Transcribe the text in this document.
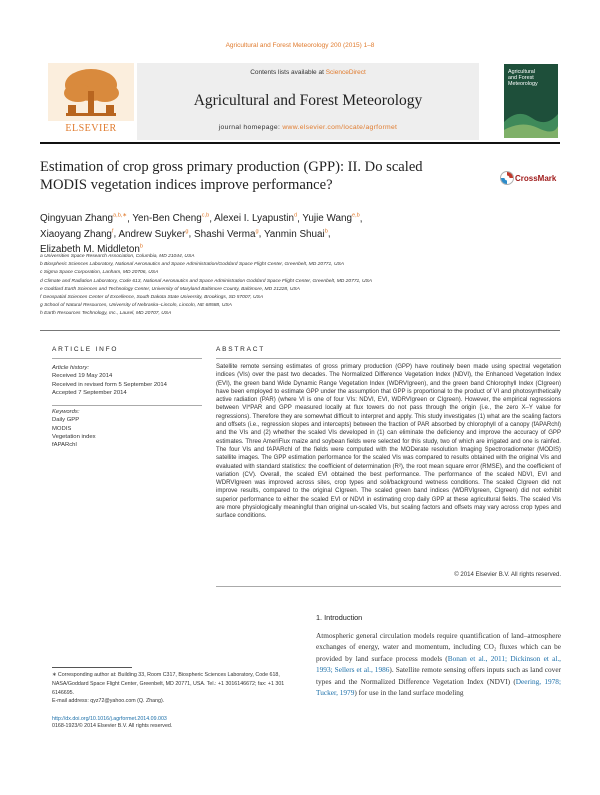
Agricultural and Forest Meteorology 200 (2015) 1–8
Contents lists available at ScienceDirect
Agricultural and Forest Meteorology
journal homepage: www.elsevier.com/locate/agrformet
ELSEVIER
Agricultural and Forest Meteorology
Estimation of crop gross primary production (GPP): II. Do scaled MODIS vegetation indices improve performance?	CrossMark
Qingyuan Zhang$^{a,b,∗}$, Yen-Ben Cheng$^{c,b}$, Alexei I. Lyapustin$^d$, Yujie Wang$^{e,b}$,
Xiaoyang Zhang$^f$, Andrew Suyker$^g$, Shashi Verma$^g$, Yanmin Shuai$^b$,
Elizabeth M. Middleton$^b$
a Universities Space Research Association, Columbia, MD 21044, USA
b Biospheric Sciences Laboratory, National Aeronautics and Space Administration/Goddard Space Flight Center, Greenbelt, MD 20771, USA
c Sigma Space Corporation, Lanham, MD 20706, USA
d Climate and Radiation Laboratory, Code 613, National Aeronautics and Space Administration Goddard Space Flight Center, Greenbelt, MD 20771, USA
e Goddard Earth Sciences and Technology Center, University of Maryland Baltimore County, Baltimore, MD 21228, USA
f Geospatial Sciences Center of Excellence, South Dakota State University, Brookings, SD 57007, USA
g School of Natural Resources, University of Nebraska–Lincoln, Lincoln, NE 68588, USA
h Earth Resources Technology, Inc., Laurel, MD 20707, USA
ARTICLE INFO	ABSTRACT
Article history:
Received 19 May 2014
Received in revised form 5 September 2014
Accepted 7 September 2014
Keywords:
Daily GPP
MODIS
Vegetation index
fAPARchl
Satellite remote sensing estimates of gross primary production (GPP) have routinely been made using spectral vegetation indices (VIs) over the past two decades. The Normalized Difference Vegetation Index (NDVI), the Enhanced Vegetation Index (EVI), the green band Wide Dynamic Range Vegetation Index (WDRVIgreen), and the green band Chlorophyll Index (CIgreen) have been employed to estimate GPP under the assumption that GPP is proportional to the product of VI and photosynthetically active radiation (PAR) (where VI is one of four VIs: NDVI, EVI, WDRVIgreen or CIgreen). However, the empirical regressions between VI*PAR and GPP measured locally at flux towers do not pass through the origin (i.e., the zero X–Y value for regressions). Therefore they are somewhat difficult to interpret and apply. This study investigates (1) what are the scaling factors and offsets (i.e., regression slopes and intercepts) between the fraction of PAR absorbed by chlorophyll of a canopy (fAPARchl) and the VIs and (2) whether the scaled VIs developed in (1) can eliminate the deficiency and improve the accuracy of GPP estimates. Three AmeriFlux maize and soybean fields were selected for this study, two of which are irrigated and one is rainfed. The four VIs and fAPARchl of the fields were computed with the MODerate resolution Imaging Spectroradiometer (MODIS) satellite images. The GPP estimation performance for the scaled VIs was compared to results obtained with the original VIs and evaluated with standard statistics: the coefficient of determination (R²), the root mean square error (RMSE), and the coefficient of variation (CV). Overall, the scaled EVI obtained the best performance. The performance of the scaled NDVI, EVI and WDRVIgreen was improved across sites, crop types and soil/background wetness conditions. The scaled CIgreen did not improve results, compared to the original CIgreen. The scaled green band indices (WDRVIgreen, CIgreen) did not exhibit superior performance to either the scaled EVI or NDVI in estimating crop daily GPP at these agricultural fields. The scaled VIs are more physiologically meaningful than original un-scaled VIs, but scaling factors and offsets may vary across crop types and surface conditions.
© 2014 Elsevier B.V. All rights reserved.
1. Introduction
Atmospheric general circulation models require quantification of land–atmosphere exchanges of energy, water and momentum, including CO₂ fluxes which can be provided by land surface process models (Bonan et al., 2011; Dickinson et al., 1993; Sellers et al., 1986). Satellite remote sensing offers inputs such as land cover types and the Normalized Difference Vegetation Index (NDVI) (Deering, 1978; Tucker, 1979) for use in the land surface modeling
∗ Corresponding author at: Building 33, Room C317, Biospheric Sciences Laboratory, Code 618, NASA/Goddard Space Flight Center, Greenbelt, MD 20771, USA. Tel.: +1 3016146672; fax: +1 301 6146695.
E-mail address: qyz72@yahoo.com (Q. Zhang).
http://dx.doi.org/10.1016/j.agrformet.2014.09.003
0168-1923/© 2014 Elsevier B.V. All rights reserved.
